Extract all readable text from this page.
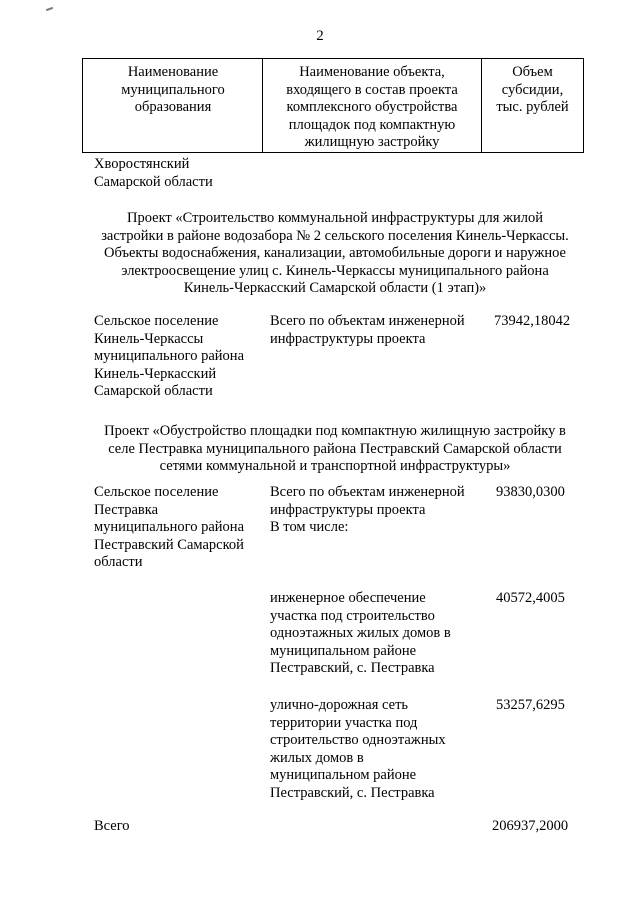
2
Наименование
муниципального
образования
Наименование объекта,
входящего в состав проекта
комплексного обустройства
площадок под компактную
жилищную застройку
Объем
субсидии,
тыс. рублей
Хворостянский
Самарской области
Проект «Строительство коммунальной инфраструктуры для жилой
застройки в районе водозабора № 2 сельского поселения Кинель-Черкассы.
Объекты водоснабжения, канализации, автомобильные дороги и наружное
электроосвещение улиц с. Кинель-Черкассы муниципального района
Кинель-Черкасский Самарской области (1 этап)»
Сельское поселение
Кинель-Черкассы
муниципального района
Кинель-Черкасский
Самарской области
Всего по объектам инженерной
инфраструктуры проекта
73942,18042
Проект «Обустройство площадки под компактную жилищную застройку в
селе Пестравка муниципального района Пестравский Самарской области
сетями коммунальной и транспортной инфраструктуры»
Сельское поселение
Пестравка
муниципального района
Пестравский Самарской
области
Всего по объектам инженерной
инфраструктуры проекта
В том числе:
93830,0300
инженерное обеспечение
участка под строительство
одноэтажных жилых домов в
муниципальном районе
Пестравский, с. Пестравка
40572,4005
улично-дорожная сеть
территории участка под
строительство одноэтажных
жилых домов в
муниципальном районе
Пестравский, с. Пестравка
53257,6295
Всего	206937,2000
